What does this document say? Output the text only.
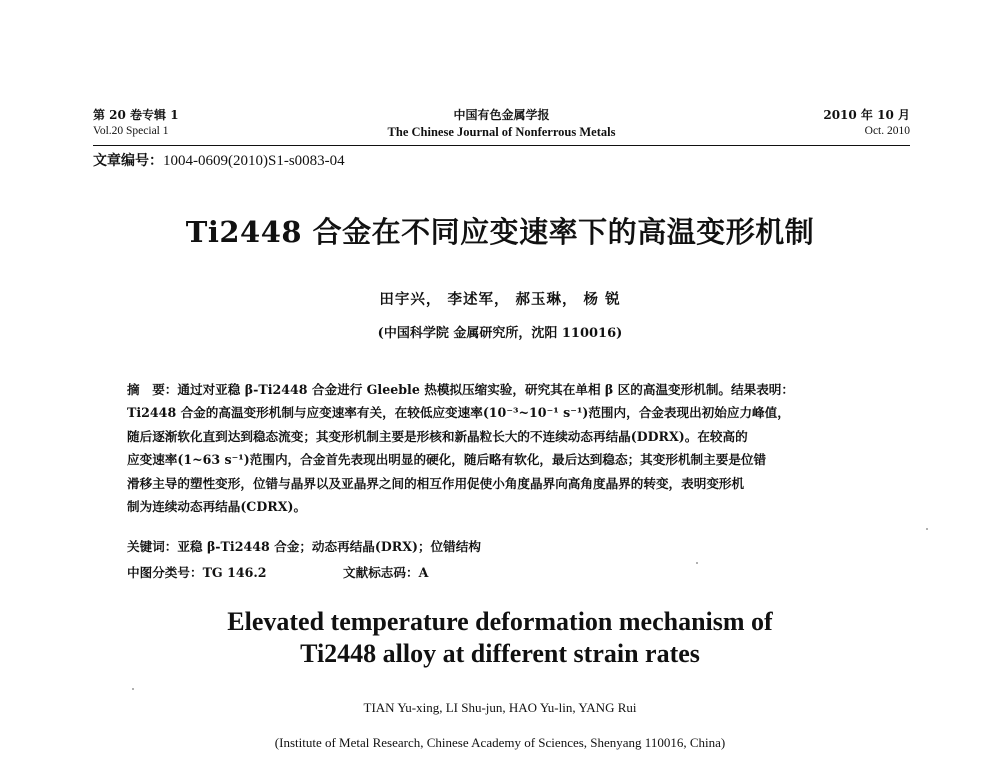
第 20 卷专辑 1	中国有色金属学报	2010 年 10 月
Vol.20 Special 1	The Chinese Journal of Nonferrous Metals	Oct. 2010
文章编号：1004-0609(2010)S1-s0083-04
Ti2448 合金在不同应变速率下的高温变形机制
田宇兴， 李述军， 郝玉琳， 杨 锐
(中国科学院 金属研究所，沈阳 110016)
摘　要：通过对亚稳 β-Ti2448 合金进行 Gleeble 热模拟压缩实验，研究其在单相 β 区的高温变形机制。结果表明：
Ti2448 合金的高温变形机制与应变速率有关，在较低应变速率(10⁻³~10⁻¹ s⁻¹)范围内，合金表现出初始应力峰值，
随后逐渐软化直到达到稳态流变；其变形机制主要是形核和新晶粒长大的不连续动态再结晶(DDRX)。在较高的
应变速率(1~63 s⁻¹)范围内，合金首先表现出明显的硬化，随后略有软化，最后达到稳态；其变形机制主要是位错
滑移主导的塑性变形，位错与晶界以及亚晶界之间的相互作用促使小角度晶界向高角度晶界的转变，表明变形机
制为连续动态再结晶(CDRX)。
关键词：亚稳 β-Ti2448 合金；动态再结晶(DRX)；位错结构
中图分类号：TG 146.2	文献标志码：A
Elevated temperature deformation mechanism of
Ti2448 alloy at different strain rates
TIAN Yu-xing, LI Shu-jun, HAO Yu-lin, YANG Rui
(Institute of Metal Research, Chinese Academy of Sciences, Shenyang 110016, China)
